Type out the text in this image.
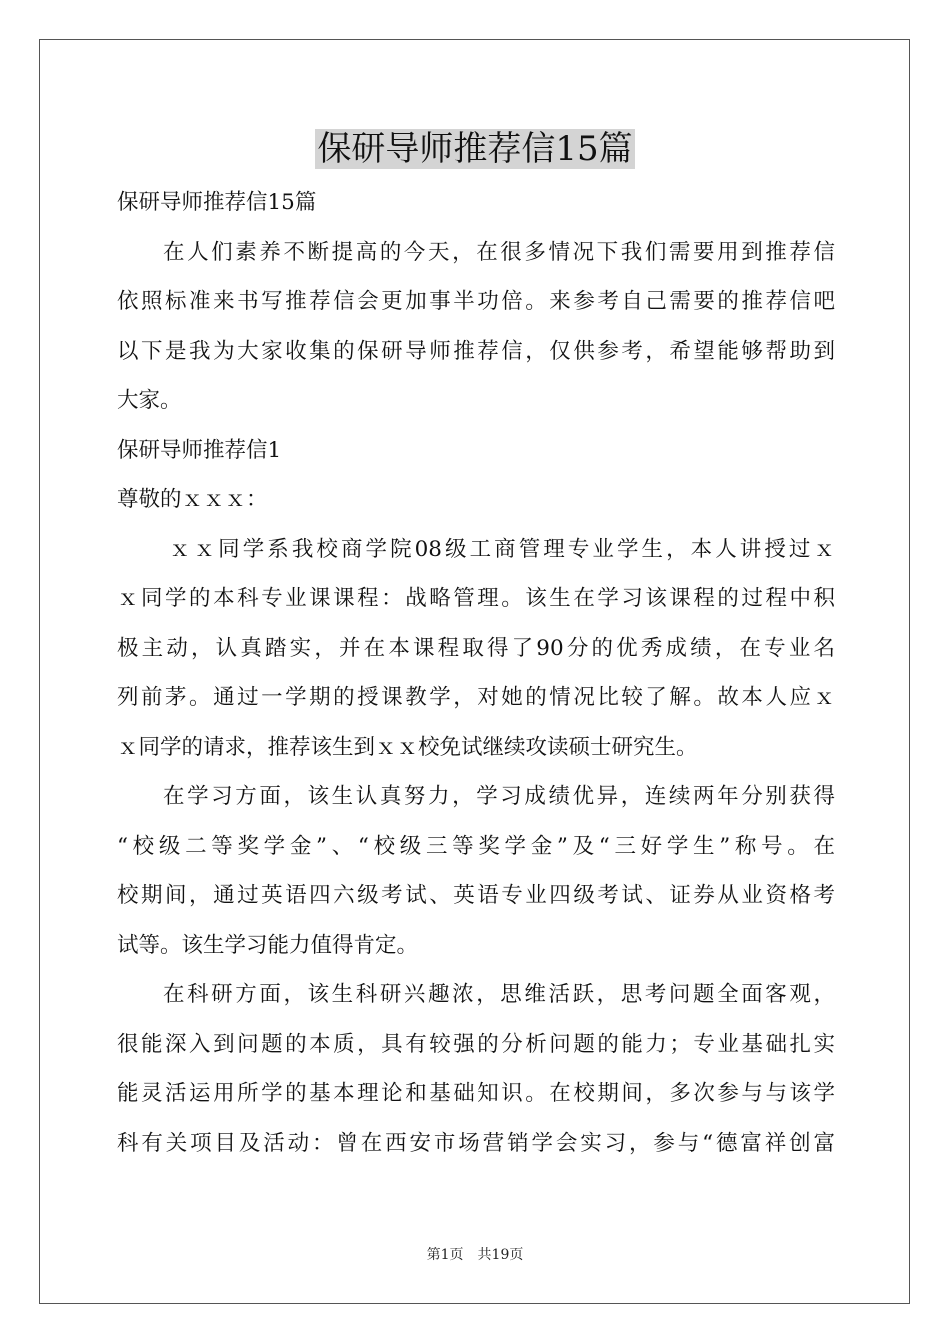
保研导师推荐信15篇
保研导师推荐信15篇
在人们素养不断提高的今天，在很多情况下我们需要用到推荐信
依照标准来书写推荐信会更加事半功倍。来参考自己需要的推荐信吧
以下是我为大家收集的保研导师推荐信，仅供参考，希望能够帮助到
大家。
保研导师推荐信1
尊敬的ｘｘｘ：
ｘｘ同学系我校商学院08级工商管理专业学生，本人讲授过ｘ
ｘ同学的本科专业课课程：战略管理。该生在学习该课程的过程中积
极主动，认真踏实，并在本课程取得了90分的优秀成绩，在专业名
列前茅。通过一学期的授课教学，对她的情况比较了解。故本人应ｘ
ｘ同学的请求，推荐该生到ｘｘ校免试继续攻读硕士研究生。
在学习方面，该生认真努力，学习成绩优异，连续两年分别获得
“校级二等奖学金”、“校级三等奖学金”及“三好学生”称号。在
校期间，通过英语四六级考试、英语专业四级考试、证券从业资格考
试等。该生学习能力值得肯定。
在科研方面，该生科研兴趣浓，思维活跃，思考问题全面客观，
很能深入到问题的本质，具有较强的分析问题的能力；专业基础扎实
能灵活运用所学的基本理论和基础知识。在校期间，多次参与与该学
科有关项目及活动：曾在西安市场营销学会实习，参与“德富祥创富
第1页　共19页
